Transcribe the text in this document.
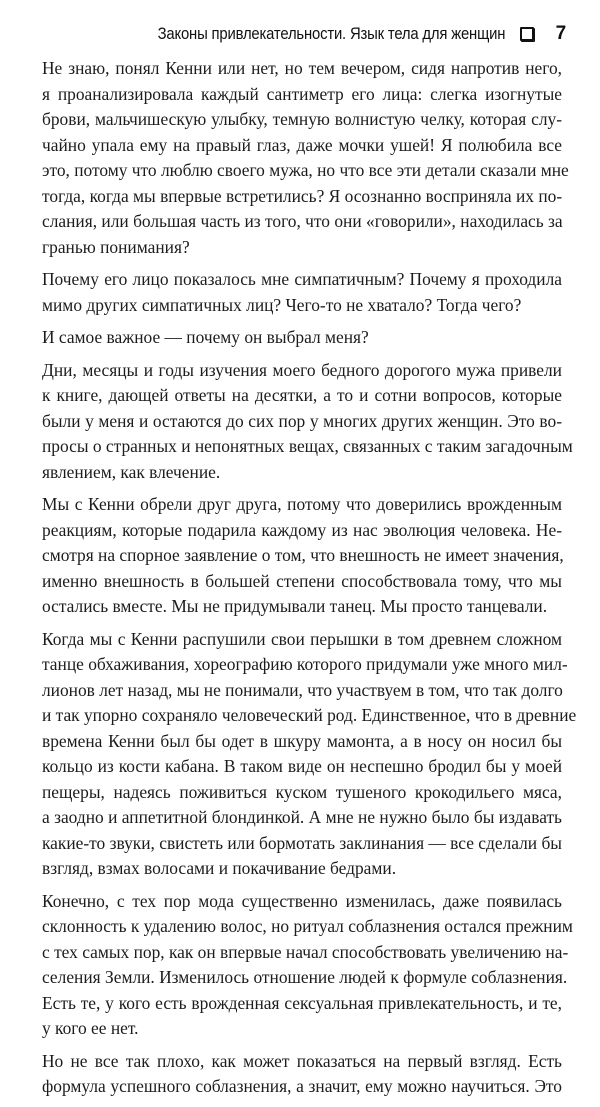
Законы привлекательности. Язык тела для женщин	7

Не знаю, понял Кенни или нет, но тем вечером, сидя напротив него,
я проанализировала каждый сантиметр его лица: слегка изогнутые
брови, мальчишескую улыбку, темную волнистую челку, которая слу-
чайно упала ему на правый глаз, даже мочки ушей! Я полюбила все
это, потому что люблю своего мужа, но что все эти детали сказали мне
тогда, когда мы впервые встретились? Я осознанно восприняла их по-
слания, или большая часть из того, что они «говорили», находилась за
гранью понимания?

Почему его лицо показалось мне симпатичным? Почему я проходила
мимо других симпатичных лиц? Чего-то не хватало? Тогда чего?

И самое важное — почему он выбрал меня?

Дни, месяцы и годы изучения моего бедного дорогого мужа привели
к книге, дающей ответы на десятки, а то и сотни вопросов, которые
были у меня и остаются до сих пор у многих других женщин. Это во-
просы о странных и непонятных вещах, связанных с таким загадочным
явлением, как влечение.

Мы с Кенни обрели друг друга, потому что доверились врожденным
реакциям, которые подарила каждому из нас эволюция человека. Не-
смотря на спорное заявление о том, что внешность не имеет значения,
именно внешность в большей степени способствовала тому, что мы
остались вместе. Мы не придумывали танец. Мы просто танцевали.

Когда мы с Кенни распушили свои перышки в том древнем сложном
танце обхаживания, хореографию которого придумали уже много мил-
лионов лет назад, мы не понимали, что участвуем в том, что так долго
и так упорно сохраняло человеческий род. Единственное, что в древние
времена Кенни был бы одет в шкуру мамонта, а в носу он носил бы
кольцо из кости кабана. В таком виде он неспешно бродил бы у моей
пещеры, надеясь поживиться куском тушеного крокодильего мяса,
а заодно и аппетитной блондинкой. А мне не нужно было бы издавать
какие-то звуки, свистеть или бормотать заклинания — все сделали бы
взгляд, взмах волосами и покачивание бедрами.

Конечно, с тех пор мода существенно изменилась, даже появилась
склонность к удалению волос, но ритуал соблазнения остался прежним
с тех самых пор, как он впервые начал способствовать увеличению на-
селения Земли. Изменилось отношение людей к формуле соблазнения.
Есть те, у кого есть врожденная сексуальная привлекательность, и те,
у кого ее нет.

Но не все так плохо, как может показаться на первый взгляд. Есть
формула успешного соблазнения, а значит, ему можно научиться. Это
